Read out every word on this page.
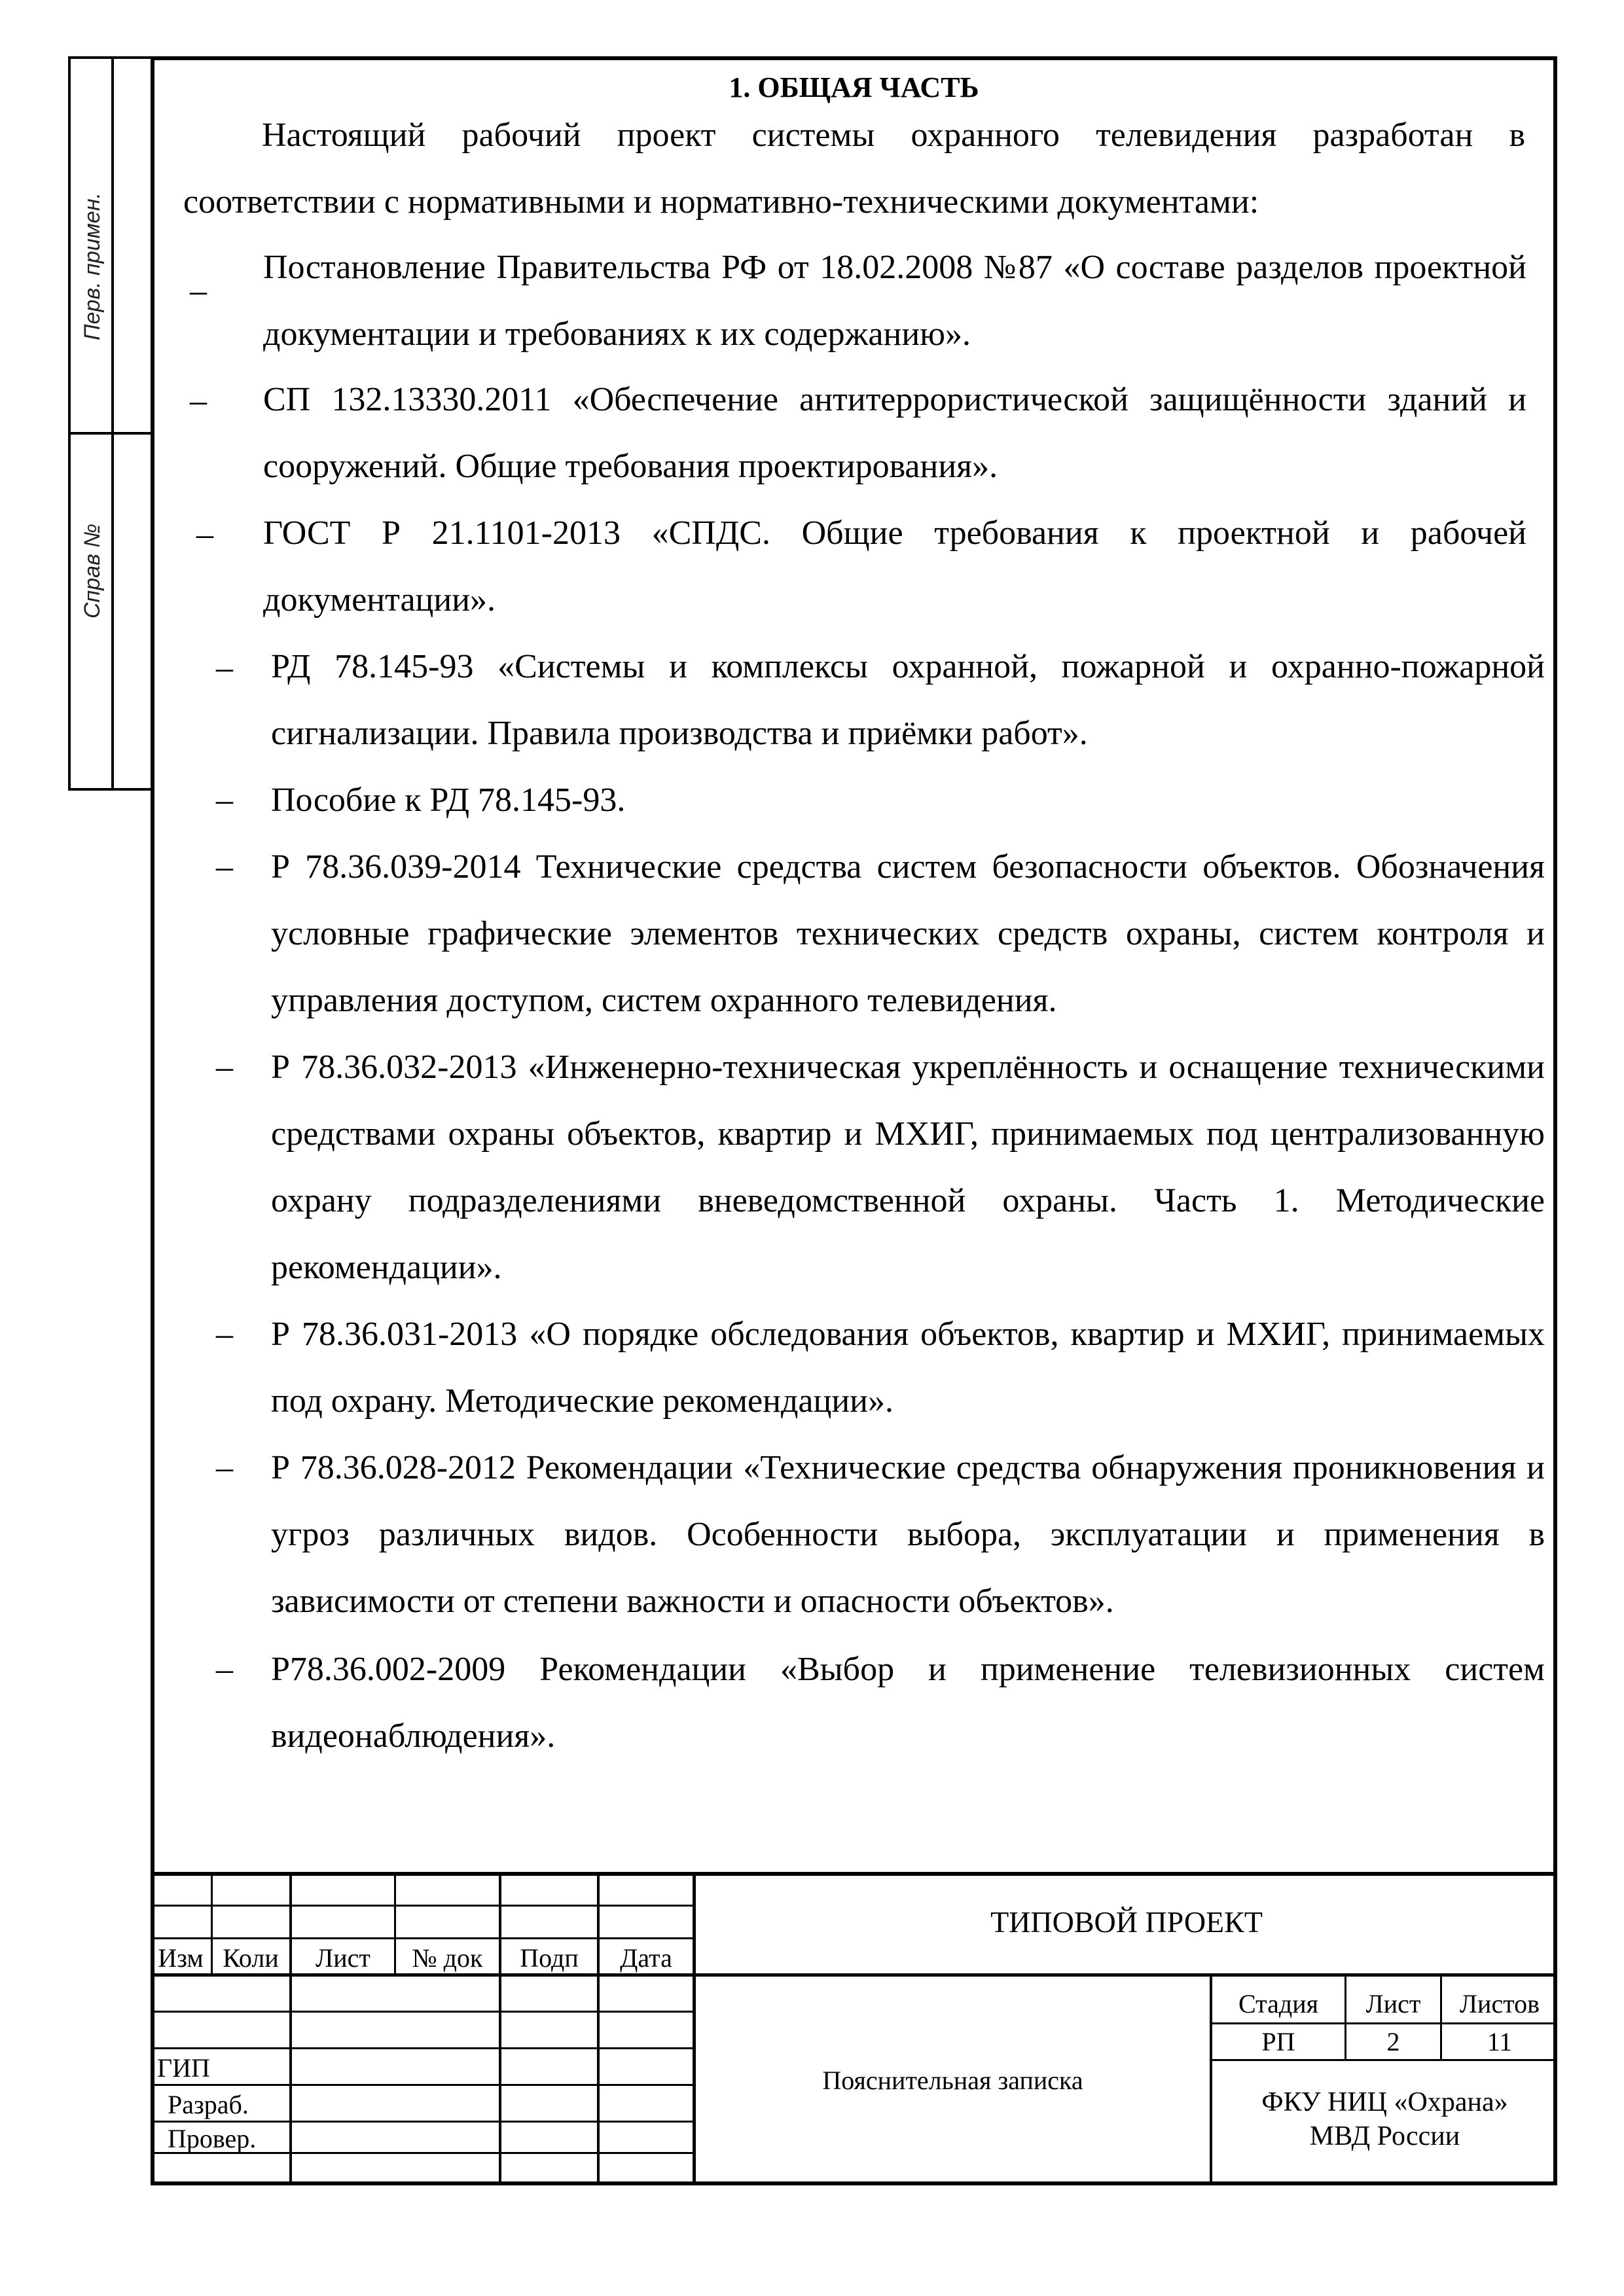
Перв. примен.
Справ №
1. ОБЩАЯ ЧАСТЬ
Настоящий рабочий проект системы охранного телевидения разработан в соответствии с нормативными и нормативно-техническими документами:
–
Постановление Правительства РФ от 18.02.2008 №87 «О составе разделов проектной документации и требованиях к их содержанию».
– СП 132.13330.2011 «Обеспечение антитеррористической защищённости зданий и сооружений. Общие требования проектирования».
– ГОСТ Р 21.1101-2013 «СПДС. Общие требования к проектной и рабочей документации».
– РД 78.145-93 «Системы и комплексы охранной, пожарной и охранно-пожарной сигнализации. Правила производства и приёмки работ».
– Пособие к РД 78.145-93.
– Р 78.36.039-2014 Технические средства систем безопасности объектов. Обозначения условные графические элементов технических средств охраны, систем контроля и управления доступом, систем охранного телевидения.
– Р 78.36.032-2013 «Инженерно-техническая укреплённость и оснащение техническими средствами охраны объектов, квартир и МХИГ, принимаемых под централизованную охрану подразделениями вневедомственной охраны. Часть 1. Методические рекомендации».
– Р 78.36.031-2013 «О порядке обследования объектов, квартир и МХИГ, принимаемых под охрану. Методические рекомендации».
– Р 78.36.028-2012 Рекомендации «Технические средства обнаружения проникновения и угроз различных видов. Особенности выбора, эксплуатации и применения в зависимости от степени важности и опасности объектов».
– Р78.36.002-2009 Рекомендации «Выбор и применение телевизионных систем видеонаблюдения».
Изм Коли	Лист	№ док	Подп	Дата
ГИП
Разраб.
Провер.
ТИПОВОЙ ПРОЕКТ
Пояснительная записка
Стадия	Лист	Листов
РП	2	11
ФКУ НИЦ «Охрана»
МВД России
